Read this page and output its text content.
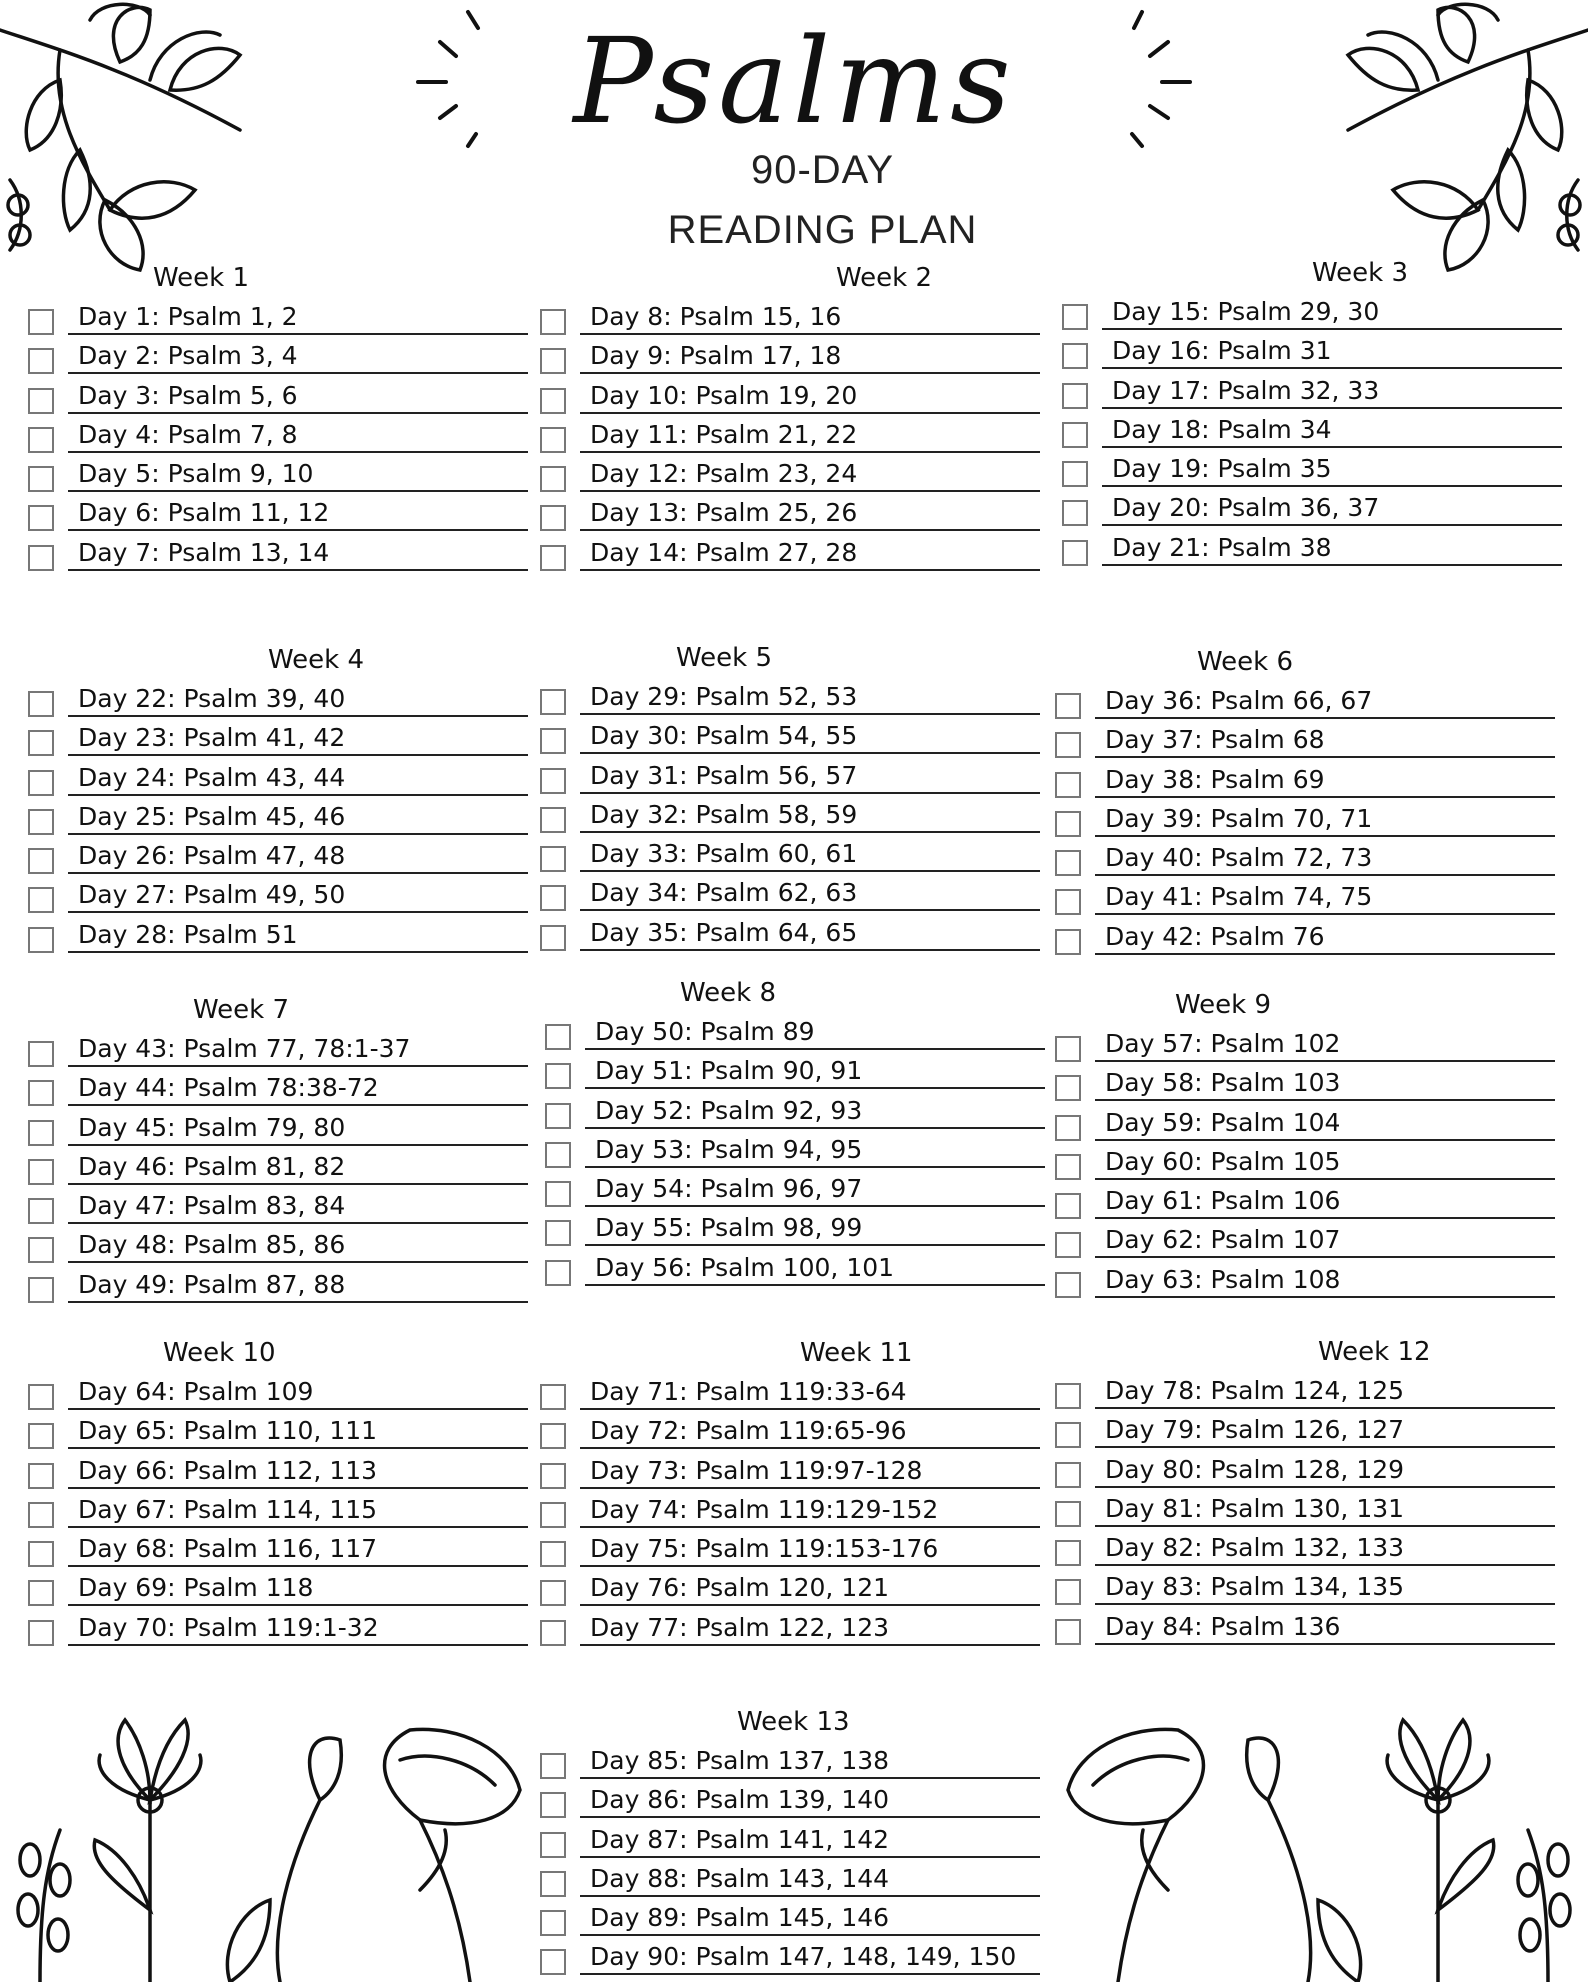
Psalms
90-DAY
READING PLAN
Week 1
Day 1: Psalm 1, 2
Day 2: Psalm 3, 4
Day 3: Psalm 5, 6
Day 4: Psalm 7, 8
Day 5: Psalm 9, 10
Day 6: Psalm 11, 12
Day 7: Psalm 13, 14
Week 2
Day 8: Psalm 15, 16
Day 9: Psalm 17, 18
Day 10: Psalm 19, 20
Day 11: Psalm 21, 22
Day 12: Psalm 23, 24
Day 13: Psalm 25, 26
Day 14: Psalm 27, 28
Week 3
Day 15: Psalm 29, 30
Day 16: Psalm 31
Day 17: Psalm 32, 33
Day 18: Psalm 34
Day 19: Psalm 35
Day 20: Psalm 36, 37
Day 21: Psalm 38
Week 4
Day 22: Psalm 39, 40
Day 23: Psalm 41, 42
Day 24: Psalm 43, 44
Day 25: Psalm 45, 46
Day 26: Psalm 47, 48
Day 27: Psalm 49, 50
Day 28: Psalm 51
Week 5
Day 29: Psalm 52, 53
Day 30: Psalm 54, 55
Day 31: Psalm 56, 57
Day 32: Psalm 58, 59
Day 33: Psalm 60, 61
Day 34: Psalm 62, 63
Day 35: Psalm 64, 65
Week 6
Day 36: Psalm 66, 67
Day 37: Psalm 68
Day 38: Psalm 69
Day 39: Psalm 70, 71
Day 40: Psalm 72, 73
Day 41: Psalm 74, 75
Day 42: Psalm 76
Week 7
Day 43: Psalm 77, 78:1-37
Day 44: Psalm 78:38-72
Day 45: Psalm 79, 80
Day 46: Psalm 81, 82
Day 47: Psalm 83, 84
Day 48: Psalm 85, 86
Day 49: Psalm 87, 88
Week 8
Day 50: Psalm 89
Day 51: Psalm 90, 91
Day 52: Psalm 92, 93
Day 53: Psalm 94, 95
Day 54: Psalm 96, 97
Day 55: Psalm 98, 99
Day 56: Psalm 100, 101
Week 9
Day 57: Psalm 102
Day 58: Psalm 103
Day 59: Psalm 104
Day 60: Psalm 105
Day 61: Psalm 106
Day 62: Psalm 107
Day 63: Psalm 108
Week 10
Day 64: Psalm 109
Day 65: Psalm 110, 111
Day 66: Psalm 112, 113
Day 67: Psalm 114, 115
Day 68: Psalm 116, 117
Day 69: Psalm 118
Day 70: Psalm 119:1-32
Week 11
Day 71: Psalm 119:33-64
Day 72: Psalm 119:65-96
Day 73: Psalm 119:97-128
Day 74: Psalm 119:129-152
Day 75: Psalm 119:153-176
Day 76: Psalm 120, 121
Day 77: Psalm 122, 123
Week 12
Day 78: Psalm 124, 125
Day 79: Psalm 126, 127
Day 80: Psalm 128, 129
Day 81: Psalm 130, 131
Day 82: Psalm 132, 133
Day 83: Psalm 134, 135
Day 84: Psalm 136
Week 13
Day 85: Psalm 137, 138
Day 86: Psalm 139, 140
Day 87: Psalm 141, 142
Day 88: Psalm 143, 144
Day 89: Psalm 145, 146
Day 90: Psalm 147, 148, 149, 150
